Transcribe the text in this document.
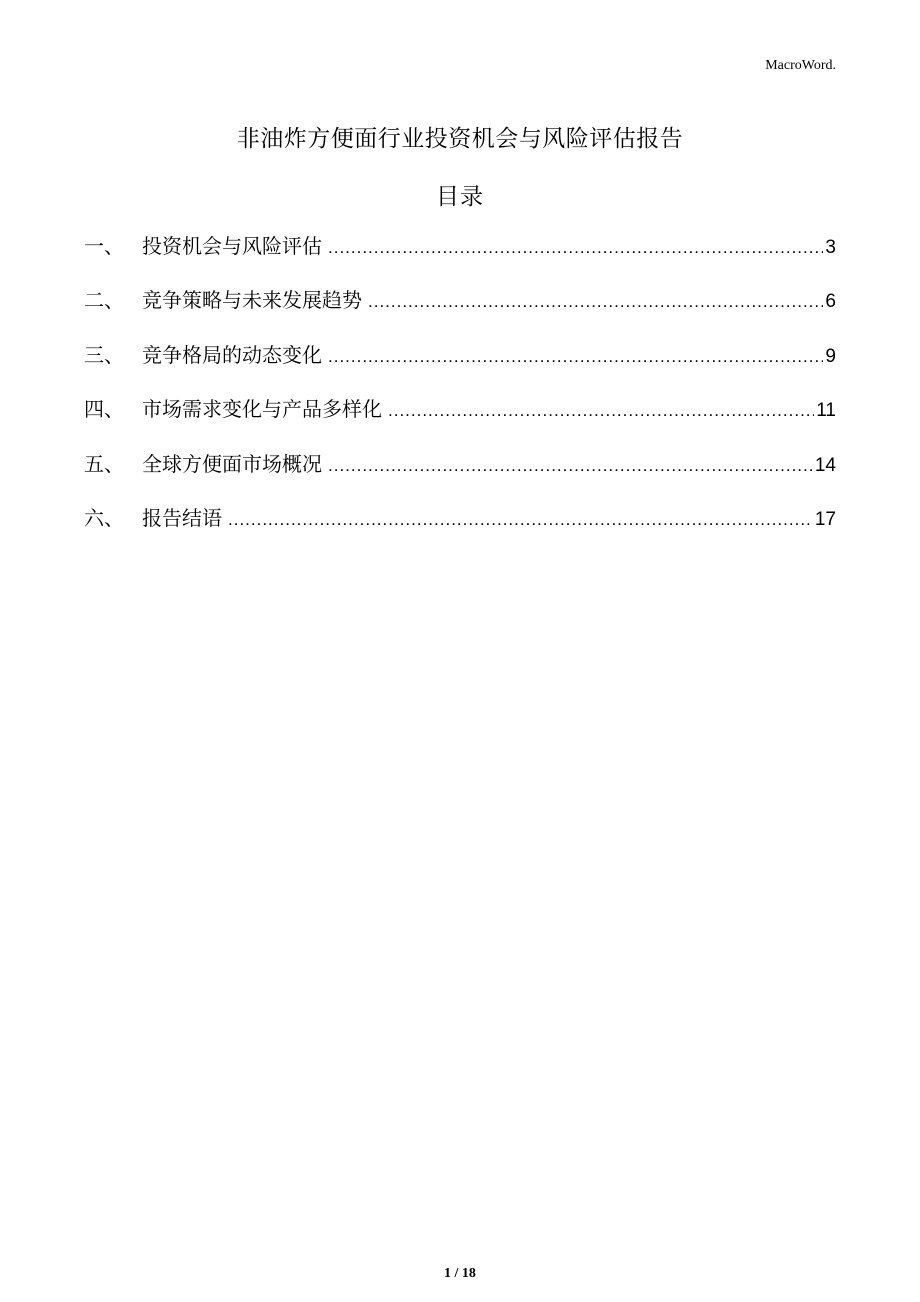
MacroWord.
非油炸方便面行业投资机会与风险评估报告
目录
一、 投资机会与风险评估 .....	3
二、 竞争策略与未来发展趋势 .....	6
三、 竞争格局的动态变化 .....	9
四、 市场需求变化与产品多样化 .....	11
五、 全球方便面市场概况 .....	14
六、 报告结语 .....	17
1 / 18
